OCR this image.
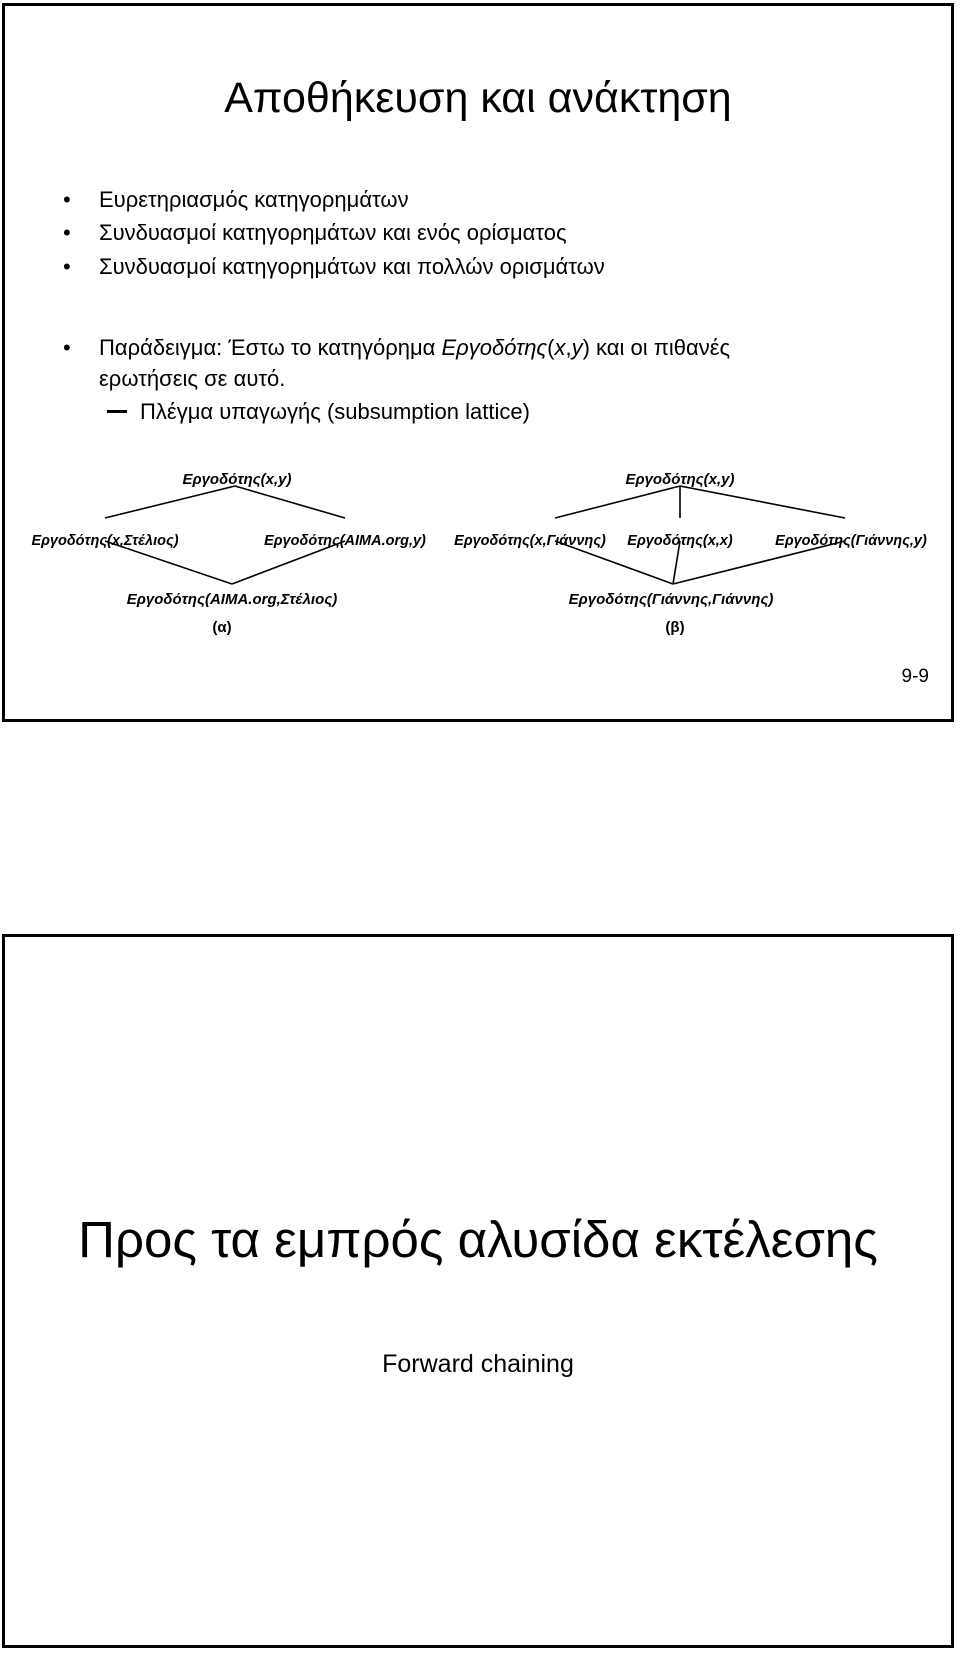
Αποθήκευση και ανάκτηση
• Ευρετηριασμός κατηγορημάτων
• Συνδυασμοί κατηγορημάτων και ενός ορίσματος
• Συνδυασμοί κατηγορημάτων και πολλών ορισμάτων
• Παράδειγμα: Έστω το κατηγόρημα Εργοδότης(x,y) και οι πιθανές
ερωτήσεις σε αυτό.
Πλέγμα υπαγωγής (subsumption lattice)
Εργοδότης(x,y)
Εργοδότης(x,Στέλιος)	Εργοδότης(AIMA.org,y)
Εργοδότης(AIMA.org,Στέλιος)
(α)
Εργοδότης(x,y)
Εργοδότης(x,Γιάννης) Εργοδότης(x,x)	Εργοδότης(Γιάννης,y)
Εργοδότης(Γιάννης,Γιάννης)
(β)
9-9
Προς τα εμπρός αλυσίδα εκτέλεσης
Forward chaining
